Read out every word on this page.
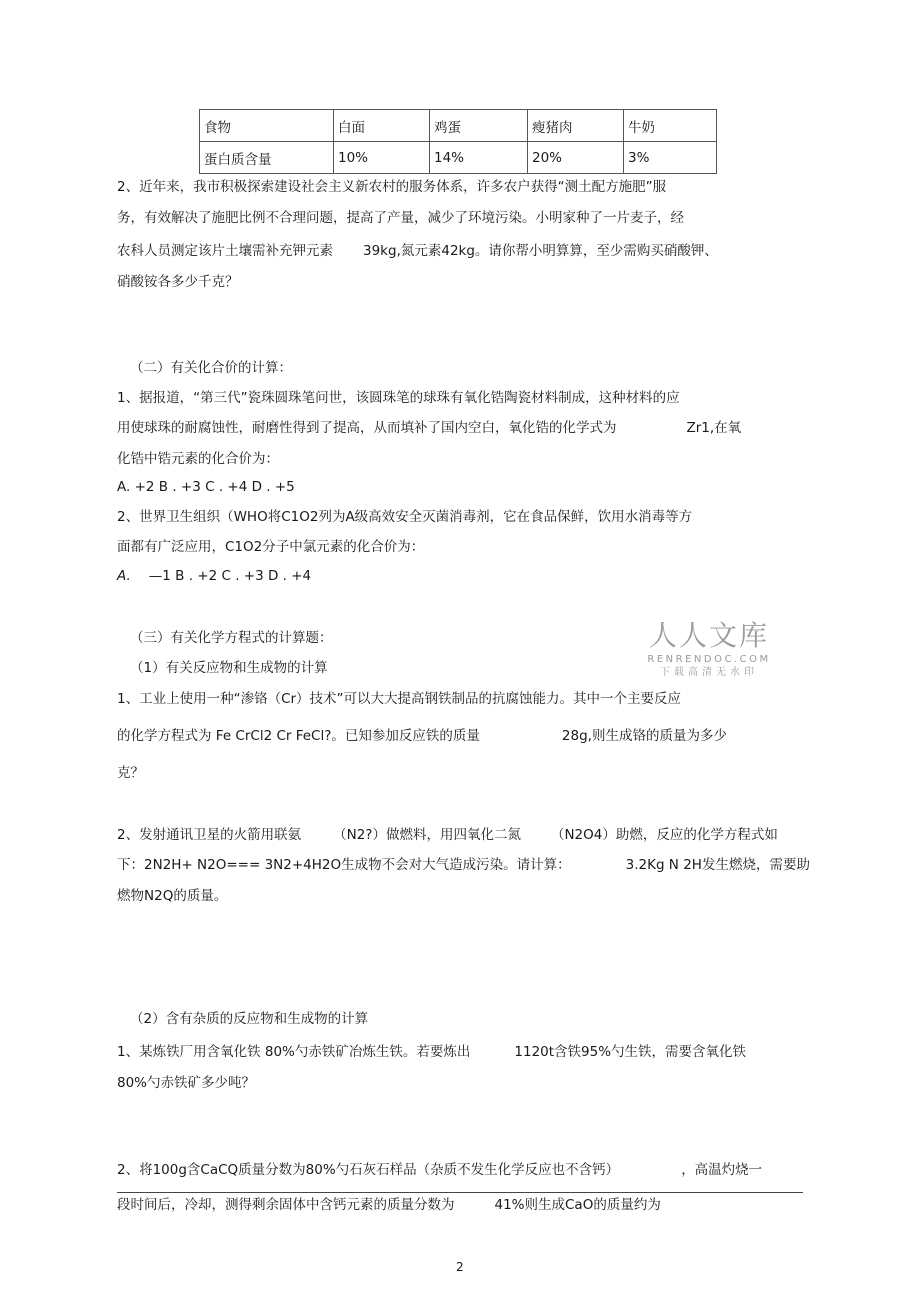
食物	白面	鸡蛋	瘦猪肉	牛奶
蛋白质含量	10%	14%	20%	3%
2、近年来，我市积极探索建设社会主义新农村的服务体系，许多农户获得“测土配方施肥”服
务，有效解决了施肥比例不合理问题，提高了产量，减少了环境污染。小明家种了一片麦子，经
农科人员测定该片土壤需补充钾元素 39kg,氮元素42kg。请你帮小明算算，至少需购买硝酸钾、
硝酸铵各多少千克？
（二）有关化合价的计算：
1、据报道，“第三代”瓷珠圆珠笔问世，该圆珠笔的球珠有氧化锆陶瓷材料制成，这种材料的应
用使球珠的耐腐蚀性，耐磨性得到了提高，从而填补了国内空白，氧化锆的化学式为	Zr1,在氧
化锆中锆元素的化合价为：
A. +2 B . +3 C . +4 D . +5
2、世界卫生组织（WHO将C1O2列为A级高效安全灭菌消毒剂，它在食品保鲜，饮用水消毒等方
面都有广泛应用，C1O2分子中氯元素的化合价为：
A. —1 B . +2 C . +3 D . +4
（三）有关化学方程式的计算题：
（1）有关反应物和生成物的计算
1、工业上使用一种“渗铬（Cr）技术”可以大大提高钢铁制品的抗腐蚀能力。其中一个主要反应
的化学方程式为 Fe CrCl2 Cr FeCl?。已知参加反应铁的质量	28g,则生成铬的质量为多少
克？
2、发射通讯卫星的火箭用联氨 （N2?）做燃料，用四氧化二氮 （N2O4）助燃，反应的化学方程式如
下：2N2H+ N2O=== 3N2+4H2O生成物不会对大气造成污染。请计算：	3.2Kg N 2H发生燃烧，需要助
燃物N2Q的质量。
（2）含有杂质的反应物和生成物的计算
1、某炼铁厂用含氧化铁 80%勺赤铁矿冶炼生铁。若要炼出	1120t含铁95%勺生铁，需要含氧化铁
80%勺赤铁矿多少吨？
2、将100g含CaCQ质量分数为80%勺石灰石样品（杂质不发生化学反应也不含钙）	，高温灼烧一
段时间后，冷却，测得剩余固体中含钙元素的质量分数为	41%则生成CaO的质量约为
人人文库
RENRENDOC.COM
下载高清无水印
2
